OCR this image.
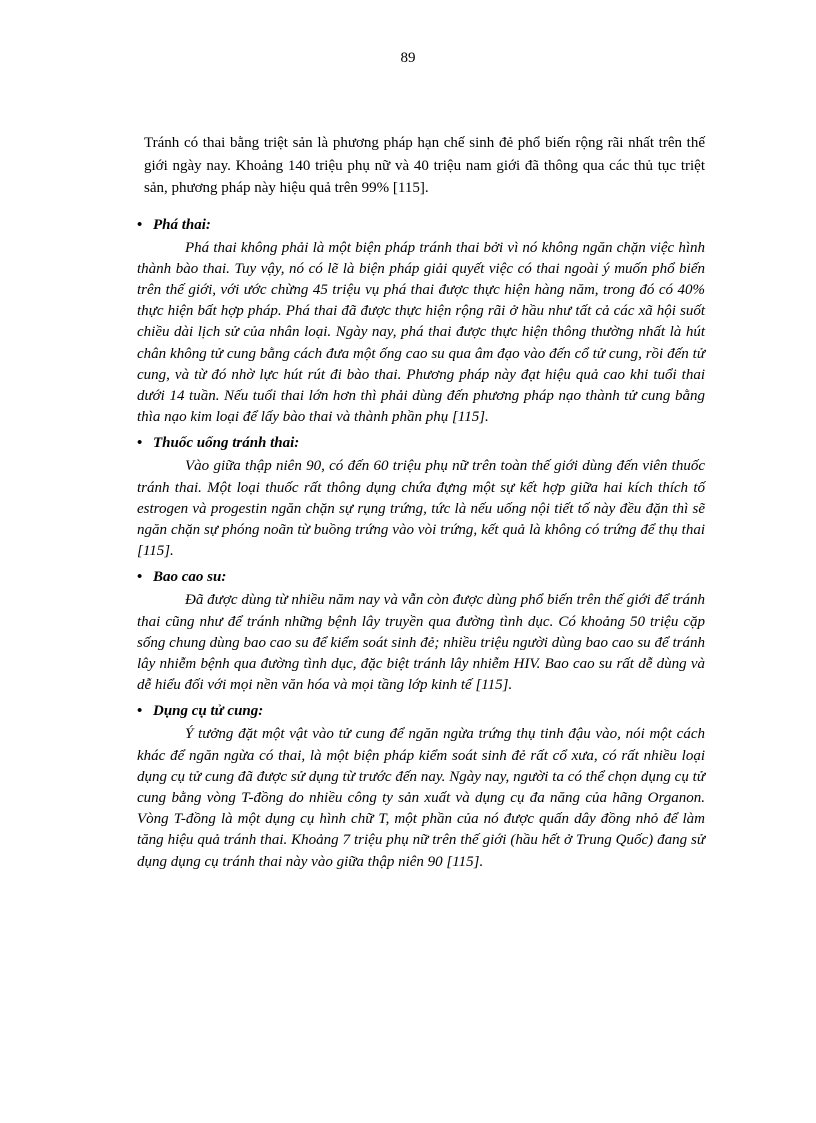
89

Tránh có thai bằng triệt sản là phương pháp hạn chế sinh đẻ phổ biến rộng rãi nhất trên thế giới ngày nay. Khoảng 140 triệu phụ nữ và 40 triệu nam giới đã thông qua các thủ tục triệt sản, phương pháp này hiệu quả trên 99% [115].

• Phá thai:

Phá thai không phải là một biện pháp tránh thai bởi vì nó không ngăn chặn việc hình thành bào thai. Tuy vậy, nó có lẽ là biện pháp giải quyết việc có thai ngoài ý muốn phổ biến trên thế giới, với ước chừng 45 triệu vụ phá thai được thực hiện hàng năm, trong đó có 40% thực hiện bất hợp pháp. Phá thai đã được thực hiện rộng rãi ở hầu như tất cả các xã hội suốt chiều dài lịch sử của nhân loại. Ngày nay, phá thai được thực hiện thông thường nhất là hút chân không tử cung bằng cách đưa một ống cao su qua âm đạo vào đến cổ tử cung, rồi đến tử cung, và từ đó nhờ lực hút rút đi bào thai. Phương pháp này đạt hiệu quả cao khi tuổi thai dưới 14 tuần. Nếu tuổi thai lớn hơn thì phải dùng đến phương pháp nạo thành tử cung bằng thìa nạo kim loại để lấy bào thai và thành phần phụ [115].

• Thuốc uống tránh thai:

Vào giữa thập niên 90, có đến 60 triệu phụ nữ trên toàn thế giới dùng đến viên thuốc tránh thai. Một loại thuốc rất thông dụng chứa đựng một sự kết hợp giữa hai kích thích tố estrogen và progestin ngăn chặn sự rụng trứng, tức là nếu uống nội tiết tố này đều đặn thì sẽ ngăn chặn sự phóng noãn từ buồng trứng vào vòi trứng, kết quả là không có trứng để thụ thai [115].

• Bao cao su:

Đã được dùng từ nhiều năm nay và vẫn còn được dùng phổ biến trên thế giới để tránh thai cũng như để tránh những bệnh lây truyền qua đường tình dục. Có khoảng 50 triệu cặp sống chung dùng bao cao su để kiểm soát sinh đẻ; nhiều triệu người dùng bao cao su để tránh lây nhiễm bệnh qua đường tình dục, đặc biệt tránh lây nhiễm HIV. Bao cao su rất dễ dùng và dễ hiểu đối với mọi nền văn hóa và mọi tầng lớp kinh tế [115].

• Dụng cụ tử cung:

Ý tưởng đặt một vật vào tử cung để ngăn ngừa trứng thụ tinh đậu vào, nói một cách khác để ngăn ngừa có thai, là một biện pháp kiểm soát sinh đẻ rất cổ xưa, có rất nhiều loại dụng cụ tử cung đã được sử dụng từ trước đến nay. Ngày nay, người ta có thể chọn dụng cụ tử cung bằng vòng T-đồng do nhiều công ty sản xuất và dụng cụ đa năng của hãng Organon. Vòng T-đồng là một dụng cụ hình chữ T, một phần của nó được quấn dây đồng nhỏ để làm tăng hiệu quả tránh thai. Khoảng 7 triệu phụ nữ trên thế giới (hầu hết ở Trung Quốc) đang sử dụng dụng cụ tránh thai này vào giữa thập niên 90 [115].
